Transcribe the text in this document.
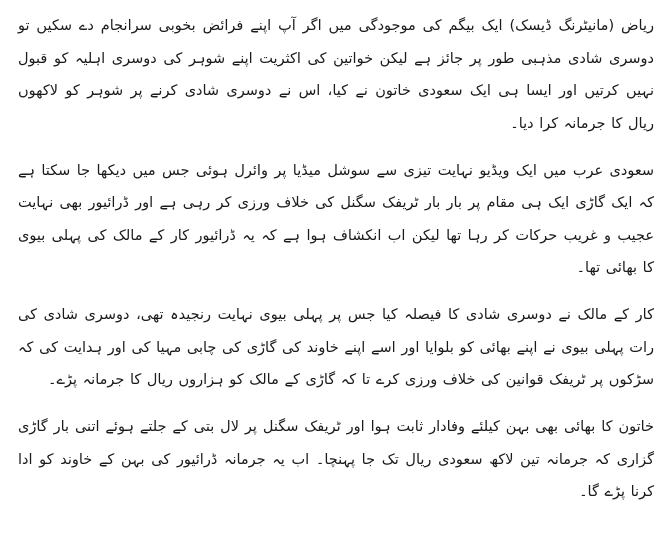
ریاض (مانیٹرنگ ڈیسک) ایک بیگم کی موجودگی میں اگر آپ اپنے فرائض بخوبی سرانجام دے سکیں تو دوسری شادی مذہبی طور پر جائز ہے لیکن خواتین کی اکثریت اپنے شوہر کی دوسری اہلیہ کو قبول نہیں کرتیں اور ایسا ہی ایک سعودی خاتون نے کیا، اس نے دوسری شادی کرنے پر شوہر کو لاکھوں ریال کا جرمانہ کرا دیا۔

سعودی عرب میں ایک ویڈیو نہایت تیزی سے سوشل میڈیا پر وائرل ہوئی جس میں دیکھا جا سکتا ہے کہ ایک گاڑی ایک ہی مقام پر بار بار ٹریفک سگنل کی خلاف ورزی کر رہی ہے اور ڈرائیور بھی نہایت عجیب و غریب حرکات کر رہا تھا لیکن اب انکشاف ہوا ہے کہ یہ ڈرائیور کار کے مالک کی پہلی بیوی کا بھائی تھا۔

کار کے مالک نے دوسری شادی کا فیصلہ کیا جس پر پہلی بیوی نہایت رنجیدہ تھی، دوسری شادی کی رات پہلی بیوی نے اپنے بھائی کو بلوایا اور اسے اپنے خاوند کی گاڑی کی چابی مہیا کی اور ہدایت کی کہ سڑکوں پر ٹریفک قوانین کی خلاف ورزی کرے تا کہ گاڑی کے مالک کو ہزاروں ریال کا جرمانہ پڑے۔

خاتون کا بھائی بھی بہن کیلئے وفادار ثابت ہوا اور ٹریفک سگنل پر لال بتی کے جلتے ہوئے اتنی بار گاڑی گزاری کہ جرمانہ تین لاکھ سعودی ریال تک جا پہنچا۔ اب یہ جرمانہ ڈرائیور کی بہن کے خاوند کو ادا کرنا پڑے گا۔
